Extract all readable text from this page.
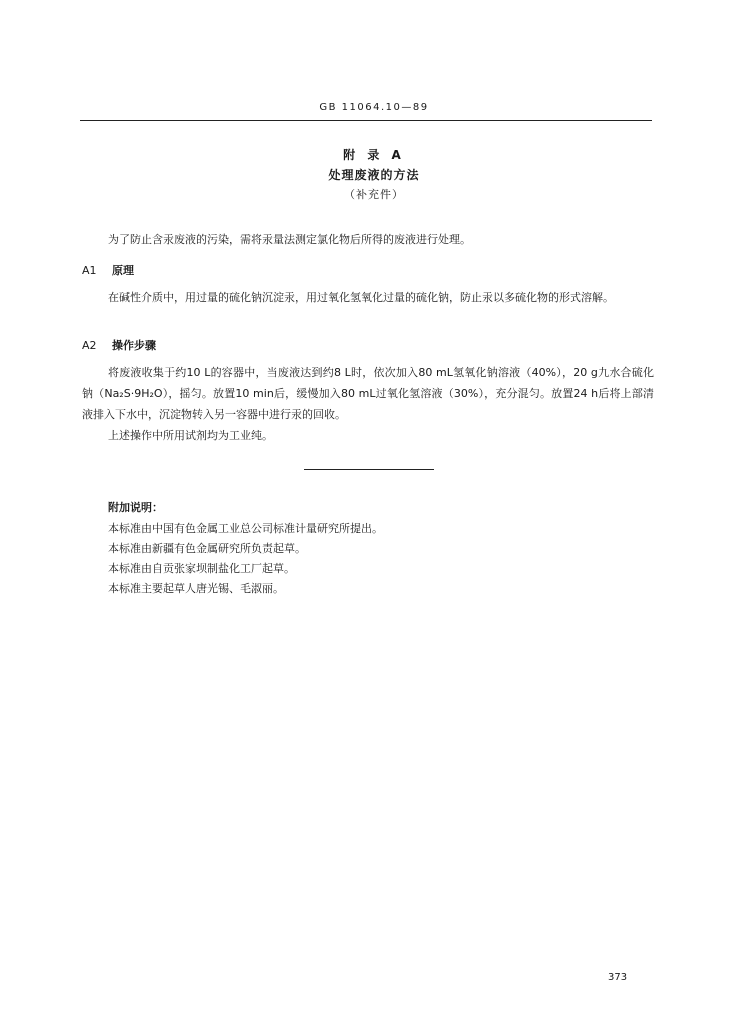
GB 11064.10—89
附 录 A
处理废液的方法
（补充件）
为了防止含汞废液的污染，需将汞量法测定氯化物后所得的废液进行处理。
A1 原理
在碱性介质中，用过量的硫化钠沉淀汞，用过氧化氢氧化过量的硫化钠，防止汞以多硫化物的形式溶解。
A2 操作步骤
将废液收集于约10 L的容器中，当废液达到约8 L时，依次加入80 mL氢氧化钠溶液（40%），20 g九水合硫化钠（Na₂S·9H₂O），摇匀。放置10 min后，缓慢加入80 mL过氧化氢溶液（30%），充分混匀。放置24 h后将上部清液排入下水中，沉淀物转入另一容器中进行汞的回收。
上述操作中所用试剂均为工业纯。
附加说明：
本标准由中国有色金属工业总公司标准计量研究所提出。
本标准由新疆有色金属研究所负责起草。
本标准由自贡张家坝制盐化工厂起草。
本标准主要起草人唐光锡、毛淑丽。
373
